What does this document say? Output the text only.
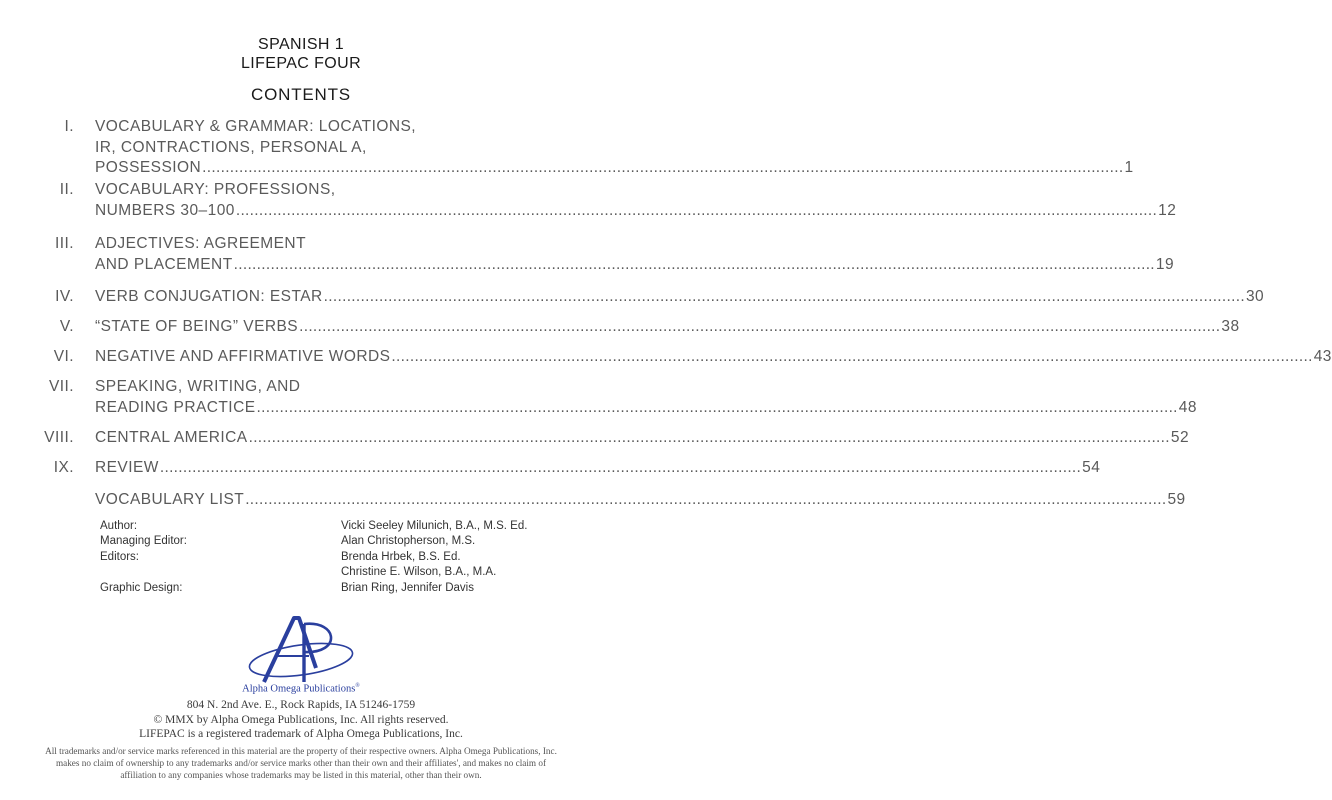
SPANISH 1
LIFEPAC FOUR
CONTENTS
I. VOCABULARY & GRAMMAR: LOCATIONS,
IR, CONTRACTIONS, PERSONAL A,
POSSESSION ........................................................................................................................................................................................................ 1
II. VOCABULARY: PROFESSIONS,
NUMBERS 30–100 ........................................................................................................................................................................................................ 12
III. ADJECTIVES: AGREEMENT
AND PLACEMENT ........................................................................................................................................................................................................ 19
IV. VERB CONJUGATION: ESTAR ........................................................................................................................................................................................................ 30
V. “STATE OF BEING” VERBS ........................................................................................................................................................................................................ 38
VI. NEGATIVE AND AFFIRMATIVE WORDS ........................................................................................................................................................................................................ 43
VII. SPEAKING, WRITING, AND
READING PRACTICE ........................................................................................................................................................................................................ 48
VIII. CENTRAL AMERICA ........................................................................................................................................................................................................ 52
IX. REVIEW ........................................................................................................................................................................................................ 54
VOCABULARY LIST ........................................................................................................................................................................................................ 59
Author:	Vicki Seeley Milunich, B.A., M.S. Ed.
Managing Editor:	Alan Christopherson, M.S.
Editors:	Brenda Hrbek, B.S. Ed.
Christine E. Wilson, B.A., M.A.
Graphic Design:	Brian Ring, Jennifer Davis
Alpha Omega Publications®
804 N. 2nd Ave. E., Rock Rapids, IA 51246-1759
© MMX by Alpha Omega Publications, Inc. All rights reserved.
LIFEPAC is a registered trademark of Alpha Omega Publications, Inc.
All trademarks and/or service marks referenced in this material are the property of their respective owners. Alpha Omega Publications, Inc.
makes no claim of ownership to any trademarks and/or service marks other than their own and their affiliates', and makes no claim of
affiliation to any companies whose trademarks may be listed in this material, other than their own.
